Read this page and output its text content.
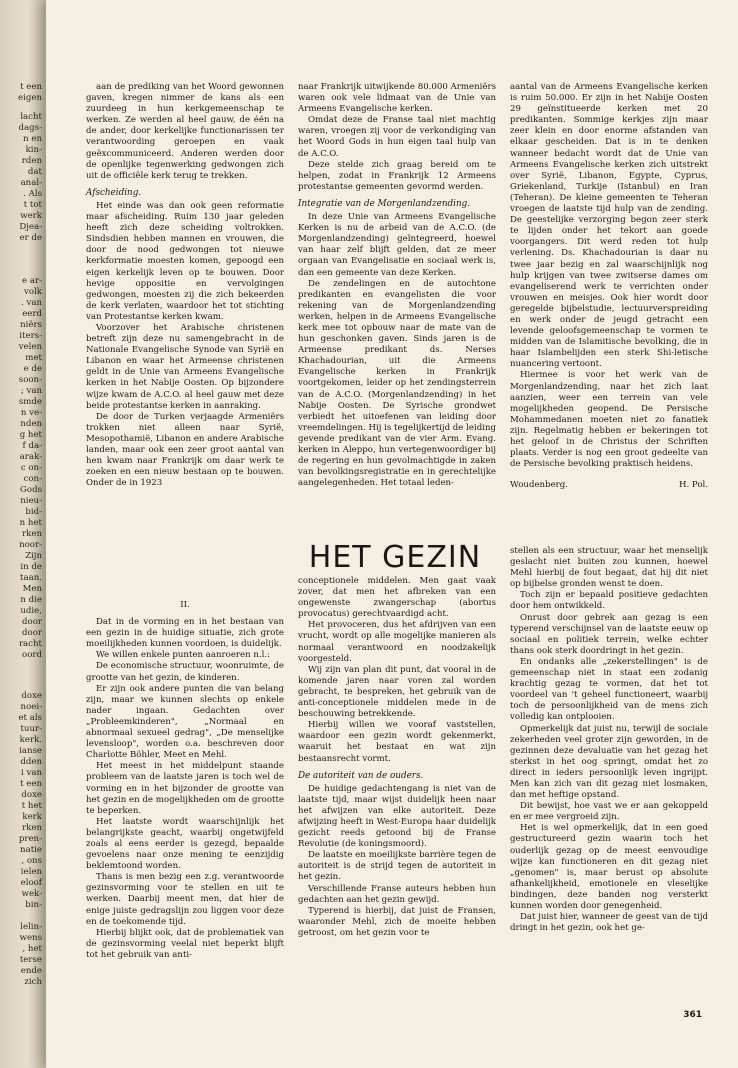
t een
eigen
lacht
dags-
n en
kin-
rden
dat
anal-
. Als
t tot
werk
Djea-
er de
e ar-
volk
. van
eerd
niërs
iters-
velen
met
e de
soon-
; van
smde
n ve-
nden
g het
f da-
arak-
c on-
con-
Gods
nieu-
bid-
n het
rken
noor-
Zijn
in de
taan.
Men
n die
udie,
door
door
racht
oord
doxe
noei-
et als
tuur-
kerk.
ianse
dden
i van
t een
doxe
t het
kerk
rken
pren-
natie
, ons
ielen
eloof
wek-
bin-
lelin-
wens
, het
terse
ende
zich

aan de prediking van het Woord gewonnen gaven, kregen nimmer de kans als een zuurdeeg in hun kerkgemeenschap te werken. Ze werden al heel gauw, de één na de ander, door kerkelijke functionarissen ter verantwoording geroepen en vaak geëxcommuniceerd. Anderen werden door de openlijke tegenwerking gedwongen zich uit de officiële kerk terug te trekken.

Afscheiding.

Het einde was dan ook geen reformatie maar afscheiding. Ruim 130 jaar geleden heeft zich deze scheiding voltrokken. Sindsdien hebben mannen en vrouwen, die door de nood gedwongen tot nieuwe kerkformatie moesten komen, gepoogd een eigen kerkelijk leven op te bouwen. Door hevige oppositie en vervolgingen gedwongen, moesten zij die zich bekeerden de kerk verlaten, waardoor het tot stichting van Protestantse kerken kwam.

Voorzover het Arabische christenen betreft zijn deze nu samengebracht in de Nationale Evangelische Synode van Syrië en Libanon en waar het Armeense christenen geldt in de Unie van Armeens Evangelische kerken in het Nabije Oosten. Op bijzondere wijze kwam de A.C.O. al heel gauw met deze beide protestantse kerken in aanraking.

De door de Turken verjaagde Armeniërs trokken niet alleen naar Syrië, Mesopothamië, Libanon en andere Arabische landen, maar ook een zeer groot aantal van hen kwam naar Frankrijk om daar werk te zoeken en een nieuw bestaan op te bouwen. Onder de in 1923

naar Frankrijk uitwijkende 80.000 Armeniërs waren ook vele lidmaat van de Unie van Armeens Evangelische kerken.

Omdat deze de Franse taal niet machtig waren, vroegen zij voor de verkondiging van het Woord Gods in hun eigen taal hulp van de A.C.O.

Deze stelde zich graag bereid om te helpen, zodat in Frankrijk 12 Armeens protestantse gemeenten gevormd werden.

Integratie van de Morgenlandzending.

In deze Unie van Armeens Evangelische Kerken is nu de arbeid van de A.C.O. (de Morgenlandzending) geïntegreerd, hoewel van haar zelf blijft gelden, dat ze meer orgaan van Evangelisatie en sociaal werk is, dan een gemeente van deze Kerken.

De zendelingen en de autochtone predikanten en evangelisten die voor rekening van de Morgenlandzending werken, helpen in de Armeens Evangelische kerk mee tot opbouw naar de mate van de hun geschonken gaven. Sinds jaren is de Armeense predikant ds. Nerses Khachadourian, uit die Armeens Evangelische kerken in Frankrijk voortgekomen, leider op het zendingsterrein van de A.C.O. (Morgenlandzending) in het Nabije Oosten. De Syrische grondwet verbiedt het uitoefenen van leiding door vreemdelingen. Hij is tegelijkertijd de leiding gevende predikant van de vier Arm. Evang. kerken in Aleppo, hun vertegenwoordiger bij de regering en hun gevolmachtigde in zaken van bevolkingsregistratie en in gerechtelijke aangelegenheden. Het totaal leden-

aantal van de Armeens Evangelische kerken is ruim 50.000. Er zijn in het Nabije Oosten 29 geïnstitueerde kerken met 20 predikanten. Sommige kerkjes zijn maar zeer klein en door enorme afstanden van elkaar gescheiden. Dat is in te denken wanneer bedacht wordt dat de Unie van Armeens Evangelische kerken zich uitstrekt over Syrië, Libanon, Egypte, Cyprus, Griekenland, Turkije (Istanbul) en Iran (Teheran). De kleine gemeenten te Teheran vroegen de laatste tijd hulp van de zending. De geestelijke verzorging begon zeer sterk te lijden onder het tekort aan goede voorgangers. Dit werd reden tot hulp verlening. Ds. Khachadourian is daar nu twee jaar bezig en zal waarschijnlijk nog hulp krijgen van twee zwitserse dames om evangeliserend werk te verrichten onder vrouwen en meisjes. Ook hier wordt door geregelde bijbelstudie, lectuurverspreiding en werk onder de jeugd getracht een levende geloofsgemeenschap te vormen te midden van de Islamitische bevolking, die in haar Islambelijden een sterk Shi-letische nuancering vertoont.

Hiermee is voor het werk van de Morgenlandzending, naar het zich laat aanzien, weer een terrein van vele mogelijkheden geopend. De Persische Mohammedanen moeten niet zo fanatiek zijn. Regelmatig hebben er bekeringen tot het geloof in de Christus der Schriften plaats. Verder is nog een groot gedeelte van de Persische bevolking praktisch heidens.

Woudenberg.	H. Pol.
HET GEZIN
II.

Dat in de vorming en in het bestaan van een gezin in de huidige situatie, zich grote moeilijkheden kunnen voordoen, is duidelijk.

We willen enkele punten aanroeren n.l.:

De economische structuur, woonruimte, de grootte van het gezin, de kinderen.

Er zijn ook andere punten die van belang zijn, maar we kunnen slechts op enkele nader ingaan. Gedachten over „Probleemkinderen", „Normaal en abnormaal sexueel gedrag", „De menselijke levensloop", worden o.a. beschreven door Charlotte Böhler, Meet en Mehl.

Het meest in het middelpunt staande probleem van de laatste jaren is toch wel de vorming en in het bijzonder de grootte van het gezin en de mogelijkheden om de grootte te beperken.

Het laatste wordt waarschijnlijk het belangrijkste geacht, waarbij ongetwijfeld zoals al eens eerder is gezegd, bepaalde gevoelens naar onze mening te eenzijdig beklemtoond worden.

Thans is men bezig een z.g. verantwoorde gezinsvorming voor te stellen en uit te werken. Daarbij meent men, dat hier de enige juiste gedragslijn zou liggen voor deze en de toekomende tijd.

Hierbij blijkt ook, dat de problematiek van de gezinsvorming veelal niet beperkt blijft tot het gebruik van anti-

conceptionele middelen. Men gaat vaak zover, dat men het afbreken van een ongewenste zwangerschap (abortus provocatus) gerechtvaardigd acht.

Het provoceren, dus het afdrijven van een vrucht, wordt op alle mogelijke manieren als normaal verantwoord en noodzakelijk voorgesteld.

Wij zijn van plan dit punt, dat vooral in de komende jaren naar voren zal worden gebracht, te bespreken, het gebruik van de anti-conceptionele middelen mede in de beschouwing betrekkende.

Hierbij willen we vooraf vaststellen, waardoor een gezin wordt gekenmerkt, waaruit het bestaat en wat zijn bestaansrecht vormt.

De autoriteit van de ouders.

De huidige gedachtengang is niet van de laatste tijd, maar wijst duidelijk heen naar het afwijzen van elke autoriteit. Deze afwijzing heeft in West-Europa haar duidelijk gezicht reeds getoond bij de Franse Revolutie (de koningsmoord).

De laatste en moeilijkste barrière tegen de autoriteit is de strijd tegen de autoriteit in het gezin.

Verschillende Franse auteurs hebben hun gedachten aan het gezin gewijd.

Typerend is hierbij, dat juist de Fransen, waaronder Mehl, zich de moeite hebben getroost, om het gezin voor te

stellen als een structuur, waar het menselijk geslacht niet buiten zou kunnen, hoewel Mehl hierbij de fout begaat, dat hij dit niet op bijbelse gronden wenst te doen.

Toch zijn er bepaald positieve gedachten door hem ontwikkeld.

Onrust door gebrek aan gezag is een typerend verschijnsel van de laatste eeuw op sociaal en politiek terrein, welke echter thans ook sterk doordringt in het gezin.

En ondanks alle „zekerstellingen" is de gemeenschap niet in staat een zodanig krachtig gezag te vormen, dat het tot voordeel van 't geheel functioneert, waarbij toch de persoonlijkheid van de mens zich volledig kan ontplooien.

Opmerkelijk dat juist nu, terwijl de sociale zekerheden veel groter zijn geworden, in de gezinnen deze devaluatie van het gezag het sterkst in het oog springt, omdat het zo direct in ieders persoonlijk leven ingrijpt. Men kan zich van dit gezag niet losmaken, dan met heftige opstand.

Dit bewijst, hoe vast we er aan gekoppeld en er mee vergroeid zijn.

Het is wel opmerkelijk, dat in een goed gestructureerd gezin waarin toch het ouderlijk gezag op de meest eenvoudige wijze kan functioneren en dit gezag niet „genomen" is, maar berust op absolute afhankelijkheid, emotionele en vleselijke bindingen, deze banden nog versterkt kunnen worden door genegenheid.

Dat juist hier, wanneer de geest van de tijd dringt in het gezin, ook het ge-

361
